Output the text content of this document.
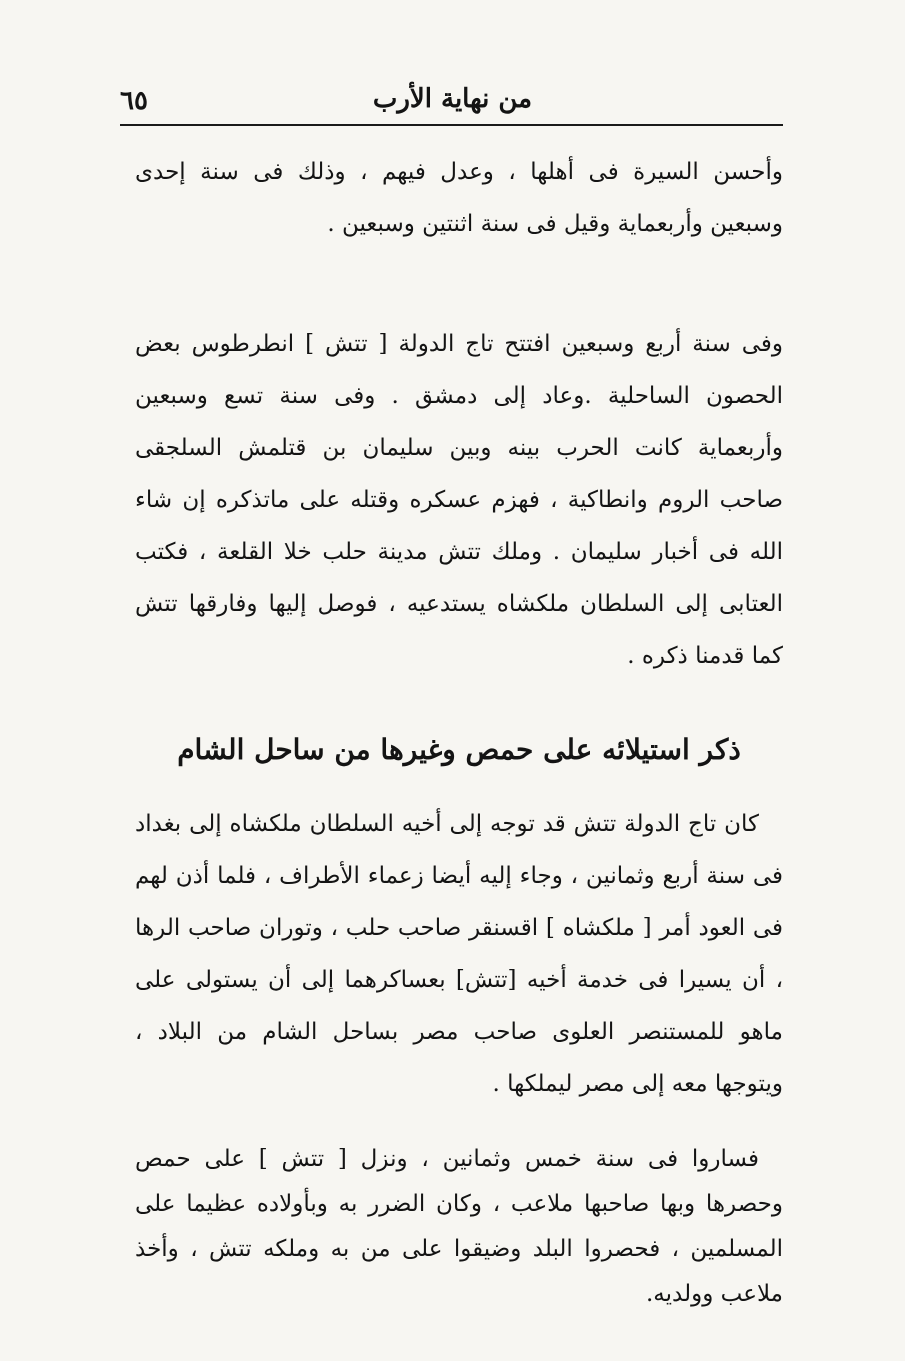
٦٥	من نهاية الأرب

وأحسن السيرة فى أهلها ، وعدل فيهم ، وذلك فى سنة إحدى وسبعين وأربعماية وقيل فى سنة اثنتين وسبعين .

وفى سنة أربع وسبعين افتتح تاج الدولة [ تتش ] انطرطوس بعض الحصون الساحلية .وعاد إلى دمشق . وفى سنة تسع وسبعين وأربعماية كانت الحرب بينه وبين سليمان بن قتلمش السلجقى صاحب الروم وانطاكية ، فهزم عسكره وقتله على ماتذكره إن شاء الله فى أخبار سليمان . وملك تتش مدينة حلب خلا القلعة ، فكتب العتابى إلى السلطان ملكشاه يستدعيه ، فوصل إليها وفارقها تتش كما قدمنا ذكره .

ذكر استيلائه على حمص وغيرها من ساحل الشام

كان تاج الدولة تتش قد توجه إلى أخيه السلطان ملكشاه إلى بغداد فى سنة أربع وثمانين ، وجاء إليه أيضا زعماء الأطراف ، فلما أذن لهم فى العود أمر [ ملكشاه ] اقسنقر صاحب حلب ، وتوران صاحب الرها ، أن يسيرا فى خدمة أخيه [تتش] بعساكرهما إلى أن يستولى على ماهو للمستنصر العلوى صاحب مصر بساحل الشام من البلاد ، ويتوجها معه إلى مصر ليملكها .

فساروا فى سنة خمس وثمانين ، ونزل [ تتش ] على حمص وحصرها وبها صاحبها ملاعب ، وكان الضرر به وبأولاده عظيما على المسلمين ، فحصروا البلد وضيقوا على من به وملكه تتش ، وأخذ ملاعب وولديه.
